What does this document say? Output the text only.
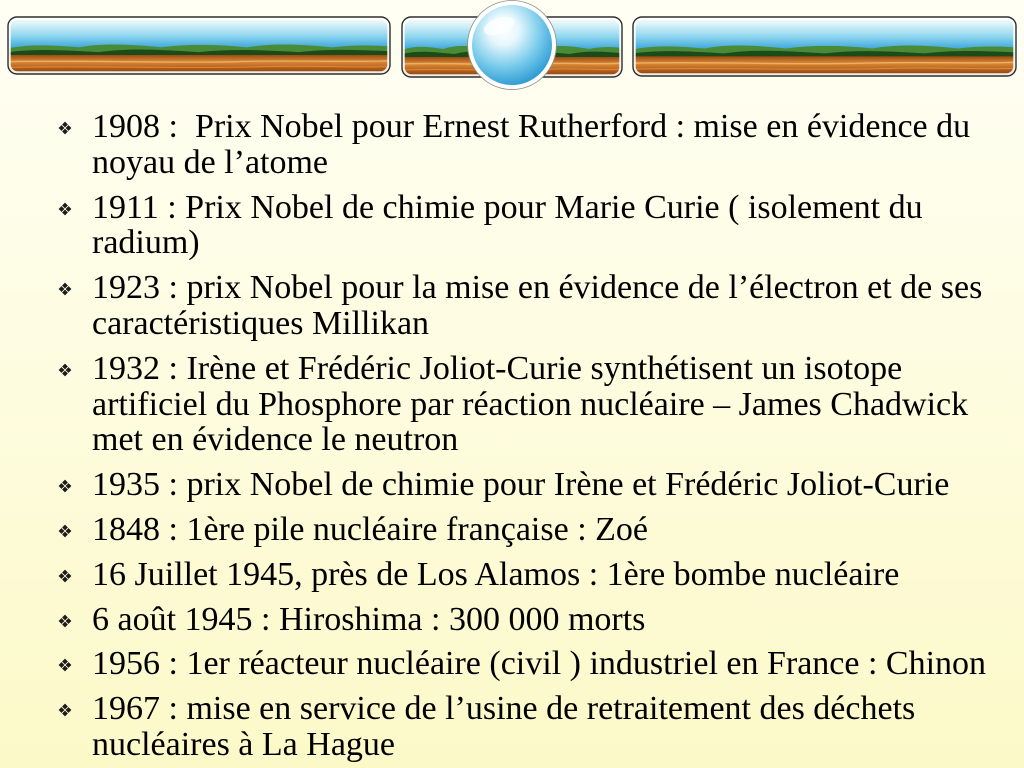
1908 :  Prix Nobel pour Ernest Rutherford : mise en évidence du noyau de l’atome
1911 : Prix Nobel de chimie pour Marie Curie ( isolement du radium)
1923 : prix Nobel pour la mise en évidence de l’électron et de ses caractéristiques Millikan
1932 : Irène et Frédéric Joliot-Curie synthétisent un isotope artificiel du Phosphore par réaction nucléaire – James Chadwick met en évidence le neutron
1935 : prix Nobel de chimie pour Irène et Frédéric Joliot-Curie
1848 : 1ère pile nucléaire française : Zoé
16 Juillet 1945, près de Los Alamos : 1ère bombe nucléaire
6 août 1945 : Hiroshima : 300 000 morts
1956 : 1er réacteur nucléaire (civil ) industriel en France : Chinon
1967 : mise en service de l’usine de retraitement des déchets nucléaires à La Hague
